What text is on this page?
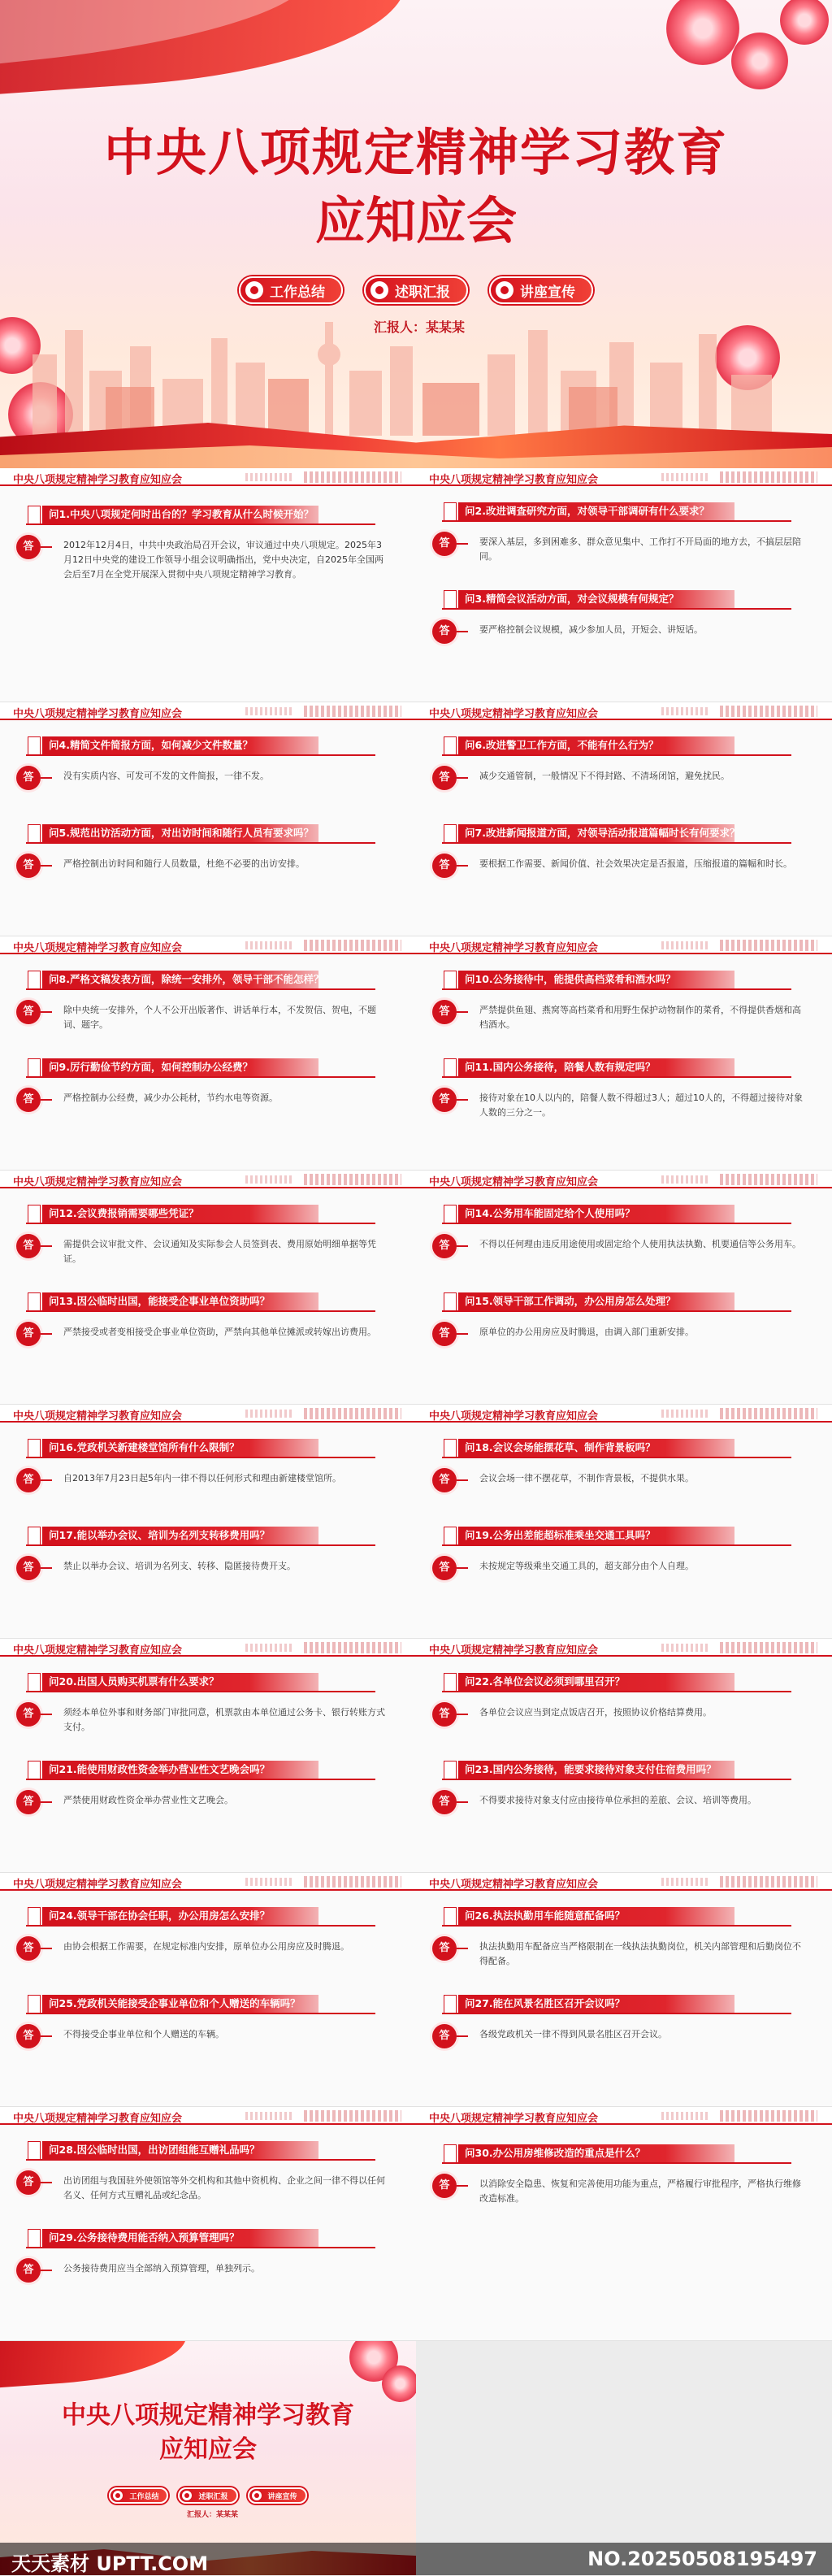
中央八项规定精神学习教育
应知应会
工作总结	述职汇报	讲座宣传
汇报人：某某某
中央八项规定精神学习教育应知应会
问1.中央八项规定何时出台的？学习教育从什么时候开始？
答	2012年12月4日，中共中央政治局召开会议，审议通过中央八项规定。2025年3月12日中央党的建设工作领导小组会议明确指出，党中央决定，自2025年全国两会后至7月在全党开展深入贯彻中央八项规定精神学习教育。
中央八项规定精神学习教育应知应会
问2.改进调查研究方面，对领导干部调研有什么要求？
答	要深入基层，多到困难多、群众意见集中、工作打不开局面的地方去，不搞层层陪同。
问3.精简会议活动方面，对会议规模有何规定？
答	要严格控制会议规模，减少参加人员，开短会、讲短话。
中央八项规定精神学习教育应知应会
问4.精简文件简报方面，如何减少文件数量？
答	没有实质内容、可发可不发的文件简报，一律不发。
问5.规范出访活动方面，对出访时间和随行人员有要求吗？
答	严格控制出访时间和随行人员数量，杜绝不必要的出访安排。
中央八项规定精神学习教育应知应会
问6.改进警卫工作方面，不能有什么行为？
答	减少交通管制，一般情况下不得封路、不清场闭馆，避免扰民。
问7.改进新闻报道方面，对领导活动报道篇幅时长有何要求？
答	要根据工作需要、新闻价值、社会效果决定是否报道，压缩报道的篇幅和时长。
中央八项规定精神学习教育应知应会
问8.严格文稿发表方面，除统一安排外，领导干部不能怎样？
答	除中央统一安排外，个人不公开出版著作、讲话单行本，不发贺信、贺电，不题词、题字。
问9.厉行勤俭节约方面，如何控制办公经费？
答	严格控制办公经费，减少办公耗材，节约水电等资源。
中央八项规定精神学习教育应知应会
问10.公务接待中，能提供高档菜肴和酒水吗？
答	严禁提供鱼翅、燕窝等高档菜肴和用野生保护动物制作的菜肴，不得提供香烟和高档酒水。
问11.国内公务接待，陪餐人数有规定吗？
答	接待对象在10人以内的，陪餐人数不得超过3人；超过10人的，不得超过接待对象人数的三分之一。
中央八项规定精神学习教育应知应会
问12.会议费报销需要哪些凭证？
答	需提供会议审批文件、会议通知及实际参会人员签到表、费用原始明细单据等凭证。
问13.因公临时出国，能接受企事业单位资助吗？
答	严禁接受或者变相接受企事业单位资助，严禁向其他单位摊派或转嫁出访费用。
中央八项规定精神学习教育应知应会
问14.公务用车能固定给个人使用吗？
答	不得以任何理由违反用途使用或固定给个人使用执法执勤、机要通信等公务用车。
问15.领导干部工作调动，办公用房怎么处理？
答	原单位的办公用房应及时腾退，由调入部门重新安排。
中央八项规定精神学习教育应知应会
问16.党政机关新建楼堂馆所有什么限制？
答	自2013年7月23日起5年内一律不得以任何形式和理由新建楼堂馆所。
问17.能以举办会议、培训为名列支转移费用吗？
答	禁止以举办会议、培训为名列支、转移、隐匿接待费开支。
中央八项规定精神学习教育应知应会
问18.会议会场能摆花草、制作背景板吗？
答	会议会场一律不摆花草，不制作背景板，不提供水果。
问19.公务出差能超标准乘坐交通工具吗？
答	未按规定等级乘坐交通工具的，超支部分由个人自理。
中央八项规定精神学习教育应知应会
问20.出国人员购买机票有什么要求？
答	须经本单位外事和财务部门审批同意，机票款由本单位通过公务卡、银行转账方式支付。
问21.能使用财政性资金举办营业性文艺晚会吗？
答	严禁使用财政性资金举办营业性文艺晚会。
中央八项规定精神学习教育应知应会
问22.各单位会议必须到哪里召开？
答	各单位会议应当到定点饭店召开，按照协议价格结算费用。
问23.国内公务接待，能要求接待对象支付住宿费用吗？
答	不得要求接待对象支付应由接待单位承担的差旅、会议、培训等费用。
中央八项规定精神学习教育应知应会
问24.领导干部在协会任职，办公用房怎么安排？
答	由协会根据工作需要，在规定标准内安排，原单位办公用房应及时腾退。
问25.党政机关能接受企事业单位和个人赠送的车辆吗？
答	不得接受企事业单位和个人赠送的车辆。
中央八项规定精神学习教育应知应会
问26.执法执勤用车能随意配备吗？
答	执法执勤用车配备应当严格限制在一线执法执勤岗位，机关内部管理和后勤岗位不得配备。
问27.能在风景名胜区召开会议吗？
答	各级党政机关一律不得到风景名胜区召开会议。
中央八项规定精神学习教育应知应会
问28.因公临时出国，出访团组能互赠礼品吗？
答	出访团组与我国驻外使领馆等外交机构和其他中资机构、企业之间一律不得以任何名义、任何方式互赠礼品或纪念品。
问29.公务接待费用能否纳入预算管理吗？
答	公务接待费用应当全部纳入预算管理，单独列示。
中央八项规定精神学习教育应知应会
问30.办公用房维修改造的重点是什么？
答	以消除安全隐患、恢复和完善使用功能为重点，严格履行审批程序，严格执行维修改造标准。
中央八项规定精神学习教育
应知应会
工作总结	述职汇报	讲座宣传
汇报人：某某某
天天素材 UPTT.COM	NO.20250508195497
